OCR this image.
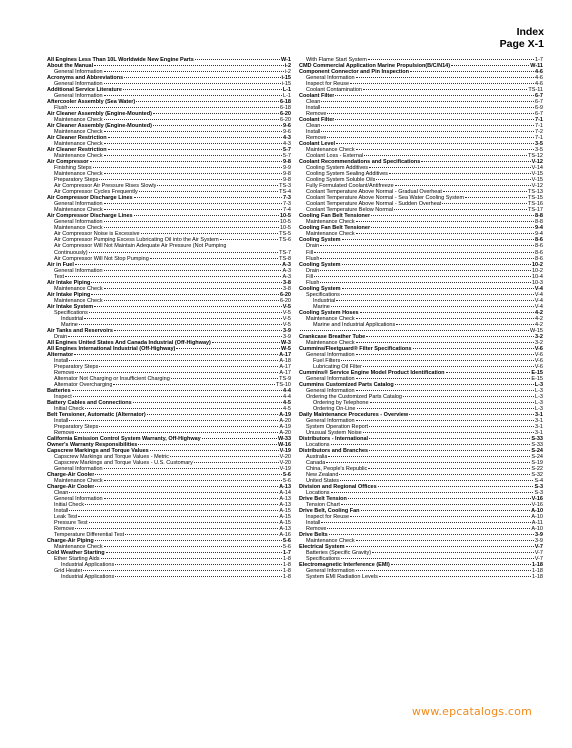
Index
Page X-1
All Engines Less Than 10L Worldwide New Engine Parts	W-1
About the Manual	i-2
General Information	i-2
Acronyms and Abbreviations	i-15
General Information	i-15
Additional Service Literature	L-1
General Information	L-1
Aftercooler Assembly (Sea Water)	6-18
Flush	6-18
Air Cleaner Assembly (Engine-Mounted)	6-20
Maintenance Check	6-20
Air Cleaner Assembly (Engine-Mounted)	9-6
Maintenance Check	9-6
Air Cleaner Restriction	4-3
Maintenance Check	4-3
Air Cleaner Restriction	5-7
Maintenance Check	5-7
Air Compressor	9-8
Finishing Steps	9-9
Maintenance Check	9-8
Preparatory Steps	9-8
Air Compressor Air Pressure Rises Slowly	TS-3
Air Compressor Cycles Frequently	TS-4
Air Compressor Discharge Lines	7-3
General Information	7-3
Maintenance Check	7-4
Air Compressor Discharge Lines	10-5
General Information	10-5
Maintenance Check	10-5
Air Compressor Noise is Excessive	TS-5
Air Compressor Pumping Excess Lubricating Oil into the Air System	TS-6
Air Compressor Will Not Maintain Adequate Air Pressure (Not Pumping
Continuously)	TS-7
Air Compressor Will Not Stop Pumping	TS-8
Air in Fuel	A-3
General Information	A-3
Test	A-3
Air Intake Piping	3-8
Maintenance Check	3-8
Air Intake Piping	6-20
Maintenance Check	6-20
Air Intake System	V-5
Specifications	V-5
Industrial	V-5
Marine	V-5
Air Tanks and Reservoirs	3-9
Drain	3-9
All Engines United States And Canada Industrial (Off-Highway)	W-3
All Engines International Industrial (Off-Highway)	W-5
Alternator	A-17
Install	A-18
Preparatory Steps	A-17
Remove	A-17
Alternator Not Charging or Insufficient Charging	TS-9
Alternator Overcharging	TS-10
Batteries	4-4
Inspect	4-4
Battery Cables and Connections	4-5
Initial Check	4-5
Belt Tensioner, Automatic (Alternator)	A-19
Install	A-20
Preparatory Steps	A-19
Remove	A-20
California Emission Control System Warranty, Off-Highway	W-33
Owner's Warranty Responsibilities	W-16
Capscrew Markings and Torque Values	V-19
Capscrew Markings and Torque Values - Metric	V-20
Capscrew Markings and Torque Values - U.S. Customary	V-20
General Information	V-19
Charge-Air Cooler	5-6
Maintenance Check	5-6
Charge-Air Cooler	A-13
Clean	A-14
General Information	A-13
Initial Check	A-13
Install	A-15
Leak Test	A-15
Pressure Test	A-15
Remove	A-13
Temperature Differential Test	A-16
Charge-Air Piping	5-6
Maintenance Check	5-6
Cold Weather Starting	1-7
Ether Starting Aids	1-8
Industrial Applications	1-8
Grid Heater	1-8
Industrial Applications	1-8
With Flame Start System	1-7
CMD Commercial Application Marine Propulsion(B/C/N14)	W-11
Component Connector and Pin Inspection	4-6
General Information	4-6
Inspect for Reuse	4-6
Coolant Contamination	TS-11
Coolant Filter	6-7
Clean	6-7
Install	6-9
Remove	6-7
Coolant Filter	7-1
Clean	7-1
Install	7-2
Remove	7-1
Coolant Level	3-5
Maintenance Check	3-5
Coolant Loss - External	TS-12
Coolant Recommendations and Specifications	V-12
Cooling System Additives	V-14
Cooling System Sealing Additives	V-15
Cooling System Soluble Oils	V-15
Fully Formulated Coolant/Antifreeze	V-12
Coolant Temperature Above Normal - Gradual Overheat	TS-13
Coolant Temperature Above Normal - Sea Water Cooling System	TS-15
Coolant Temperature Above Normal - Sudden Overheat	TS-16
Coolant Temperature Below Normal	TS-17
Cooling Fan Belt Tensioner	8-8
Maintenance Check	8-8
Cooling Fan Belt Tensioner	9-4
Maintenance Check	9-4
Cooling System	8-6
Drain	8-6
Fill	8-6
Flush	8-6
Cooling System	10-2
Drain	10-2
Fill	10-4
Flush	10-3
Cooling System	V-4
Specifications	V-4
Industrial	V-4
Marine	V-4
Cooling System Hoses	4-2
Maintenance Check	4-2
Marine and Industrial Applications	4-2
W-15
Crankcase Breather Tube	3-2
Maintenance Check	3-2
Cummins/Fleetguard® Filter Specifications	V-6
General Information	V-6
Fuel Filters	V-6
Lubricating Oil Filter	V-6
Cummins® Service Engine Model Product Identification	E-15
General Information	E-15
Cummins Customized Parts Catalog	L-3
General Information	L-3
Ordering the Customized Parts Catalog	L-3
Ordering by Telephone	L-3
Ordering On-Line	L-3
Daily Maintenance Procedures - Overview	3-1
General Information	3-1
System Operation Report	3-1
Unusual System Noise	3-1
Distributors - International	S-33
Locations	S-33
Distributors and Branches	S-24
Australia	S-24
Canada	S-19
China, People's Republic	S-22
New Zealand	S-32
United States	S-4
Division and Regional Offices	S-3
Locations	S-3
Drive Belt Tension	V-16
Tension Chart	V-16
Drive Belt, Cooling Fan	A-10
Inspect for Reuse	A-10
Install	A-11
Remove	A-10
Drive Belts	3-9
Maintenance Check	3-9
Electrical System	V-7
Batteries (Specific Gravity)	V-7
Specifications	V-7
Electromagnetic Interference (EMI)	1-18
General Information	1-18
System EMI Radiation Levels	1-18
www.epcatalogs.com
